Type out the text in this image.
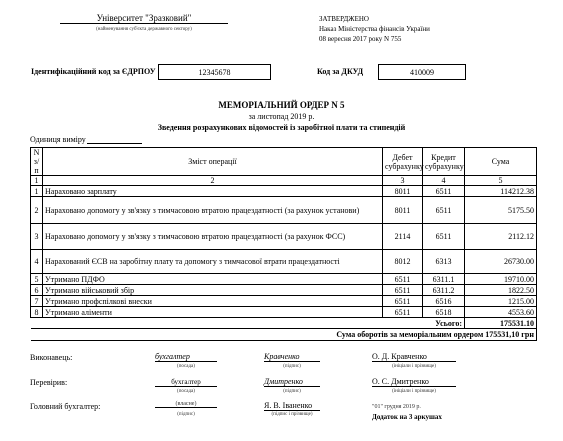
Університет "Зразковий"
(найменування суб'єкта державного сектору)
ЗАТВЕРДЖЕНО
Наказ Міністерства фінансів України
08 вересня 2017 року N 755
Ідентифікаційний код за ЄДРПОУ	12345678	Код за ДКУД	410009
МЕМОРІАЛЬНИЙ ОРДЕР N 5
за листопад 2019 р.
Зведення розрахункових відомостей із заробітної плати та стипендій
Одиниця виміру
N з/п	Зміст операції	Дебет субрахунку	Кредит субрахунку	Сума
1	2	3	4	5
1	Нараховано зарплату	8011	6511	114212.38
2	Нараховано допомогу у зв'язку з тимчасовою втратою працездатності (за рахунок установи)	8011	6511	5175.50
3	Нараховано допомогу у зв'язку з тимчасовою втратою працездатності (за рахунок ФСС)	2114	6511	2112.12
4	Нарахований ЄСВ на заробітну плату та допомогу з тимчасової втрати працездатності	8012	6313	26730.00
5	Утримано ПДФО	6511	6311.1	19710.00
6	Утримано військовий збір	6511	6311.2	1822.50
7	Утримано профспілкові внески	6511	6516	1215.00
8	Утримано аліменти	6511	6518	4553.60
Усього:				175531.10
Сума оборотів за меморіальним ордером 175531,10 грн				
Виконавець:	бухгалтер
(посада)
Кравченко
(підпис)
О. Д. Кравченко
(ініціали і прізвище)
Перевірив:	бухгалтер
(посада)
Дмитренко
(підпис)
О. С. Дмитренко
(ініціали і прізвище)
Головний бухгалтер:	(власне)
(підпис)
Я. В. Іваненко
(підпис і прізвище)
"01" грудня 2019 р.
Додаток на 3 аркушах
